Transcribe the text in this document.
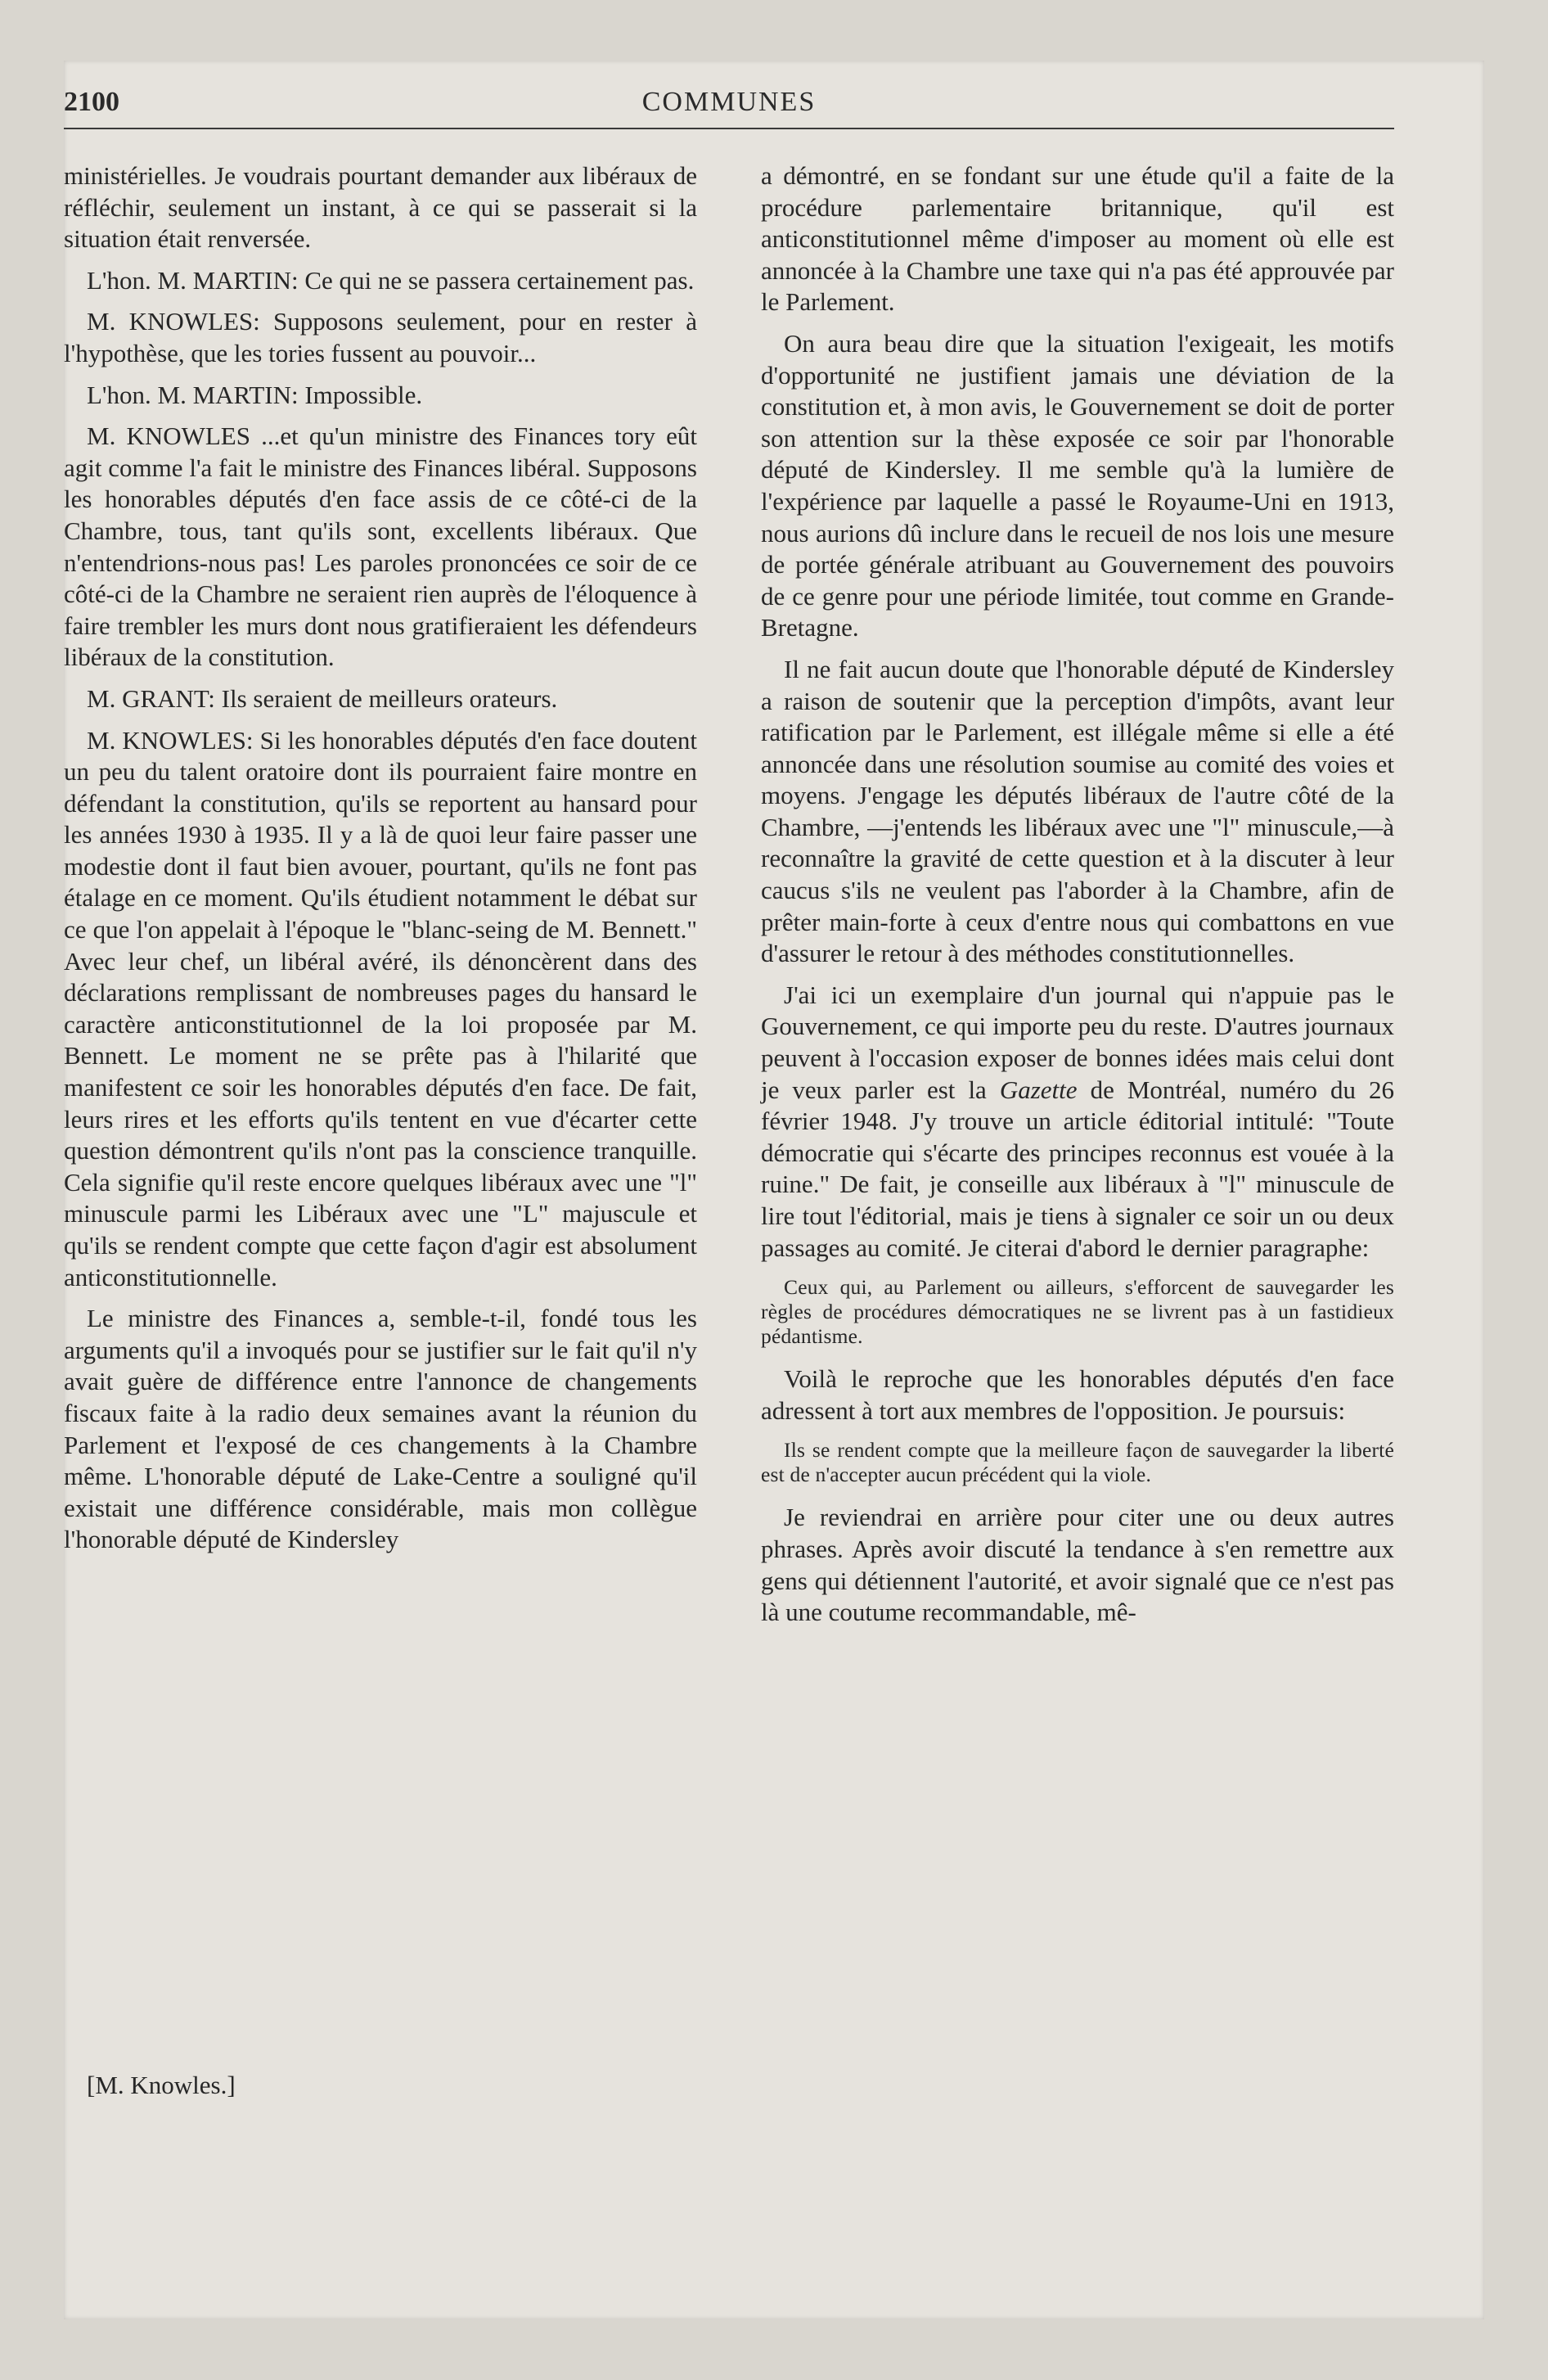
2100	COMMUNES

ministérielles. Je voudrais pourtant demander aux libéraux de réfléchir, seulement un instant, à ce qui se passerait si la situation était renversée.

L'hon. M. MARTIN: Ce qui ne se passera certainement pas.

M. KNOWLES: Supposons seulement, pour en rester à l'hypothèse, que les tories fussent au pouvoir...

L'hon. M. MARTIN: Impossible.

M. KNOWLES ...et qu'un ministre des Finances tory eût agit comme l'a fait le ministre des Finances libéral. Supposons les honorables députés d'en face assis de ce côté-ci de la Chambre, tous, tant qu'ils sont, excellents libéraux. Que n'entendrions-nous pas! Les paroles prononcées ce soir de ce côté-ci de la Chambre ne seraient rien auprès de l'éloquence à faire trembler les murs dont nous gratifieraient les défendeurs libéraux de la constitution.

M. GRANT: Ils seraient de meilleurs orateurs.

M. KNOWLES: Si les honorables députés d'en face doutent un peu du talent oratoire dont ils pourraient faire montre en défendant la constitution, qu'ils se reportent au hansard pour les années 1930 à 1935. Il y a là de quoi leur faire passer une modestie dont il faut bien avouer, pourtant, qu'ils ne font pas étalage en ce moment. Qu'ils étudient notamment le débat sur ce que l'on appelait à l'époque le "blanc-seing de M. Bennett." Avec leur chef, un libéral avéré, ils dénoncèrent dans des déclarations remplissant de nombreuses pages du hansard le caractère anticonstitutionnel de la loi proposée par M. Bennett. Le moment ne se prête pas à l'hilarité que manifestent ce soir les honorables députés d'en face. De fait, leurs rires et les efforts qu'ils tentent en vue d'écarter cette question démontrent qu'ils n'ont pas la conscience tranquille. Cela signifie qu'il reste encore quelques libéraux avec une "l" minuscule parmi les Libéraux avec une "L" majuscule et qu'ils se rendent compte que cette façon d'agir est absolument anticonstitutionnelle.

Le ministre des Finances a, semble-t-il, fondé tous les arguments qu'il a invoqués pour se justifier sur le fait qu'il n'y avait guère de différence entre l'annonce de changements fiscaux faite à la radio deux semaines avant la réunion du Parlement et l'exposé de ces changements à la Chambre même. L'honorable député de Lake-Centre a souligné qu'il existait une différence considérable, mais mon collègue l'honorable député de Kindersley

[M. Knowles.]

a démontré, en se fondant sur une étude qu'il a faite de la procédure parlementaire britannique, qu'il est anticonstitutionnel même d'imposer au moment où elle est annoncée à la Chambre une taxe qui n'a pas été approuvée par le Parlement.

On aura beau dire que la situation l'exigeait, les motifs d'opportunité ne justifient jamais une déviation de la constitution et, à mon avis, le Gouvernement se doit de porter son attention sur la thèse exposée ce soir par l'honorable député de Kindersley. Il me semble qu'à la lumière de l'expérience par laquelle a passé le Royaume-Uni en 1913, nous aurions dû inclure dans le recueil de nos lois une mesure de portée générale atribuant au Gouvernement des pouvoirs de ce genre pour une période limitée, tout comme en Grande-Bretagne.

Il ne fait aucun doute que l'honorable député de Kindersley a raison de soutenir que la perception d'impôts, avant leur ratification par le Parlement, est illégale même si elle a été annoncée dans une résolution soumise au comité des voies et moyens. J'engage les députés libéraux de l'autre côté de la Chambre, —j'entends les libéraux avec une "l" minuscule,—à reconnaître la gravité de cette question et à la discuter à leur caucus s'ils ne veulent pas l'aborder à la Chambre, afin de prêter main-forte à ceux d'entre nous qui combattons en vue d'assurer le retour à des méthodes constitutionnelles.

J'ai ici un exemplaire d'un journal qui n'appuie pas le Gouvernement, ce qui importe peu du reste. D'autres journaux peuvent à l'occasion exposer de bonnes idées mais celui dont je veux parler est la Gazette de Montréal, numéro du 26 février 1948. J'y trouve un article éditorial intitulé: "Toute démocratie qui s'écarte des principes reconnus est vouée à la ruine." De fait, je conseille aux libéraux à "l" minuscule de lire tout l'éditorial, mais je tiens à signaler ce soir un ou deux passages au comité. Je citerai d'abord le dernier paragraphe:

Ceux qui, au Parlement ou ailleurs, s'efforcent de sauvegarder les règles de procédures démocratiques ne se livrent pas à un fastidieux pédantisme.

Voilà le reproche que les honorables députés d'en face adressent à tort aux membres de l'opposition. Je poursuis:

Ils se rendent compte que la meilleure façon de sauvegarder la liberté est de n'accepter aucun précédent qui la viole.

Je reviendrai en arrière pour citer une ou deux autres phrases. Après avoir discuté la tendance à s'en remettre aux gens qui détiennent l'autorité, et avoir signalé que ce n'est pas là une coutume recommandable, mê-
